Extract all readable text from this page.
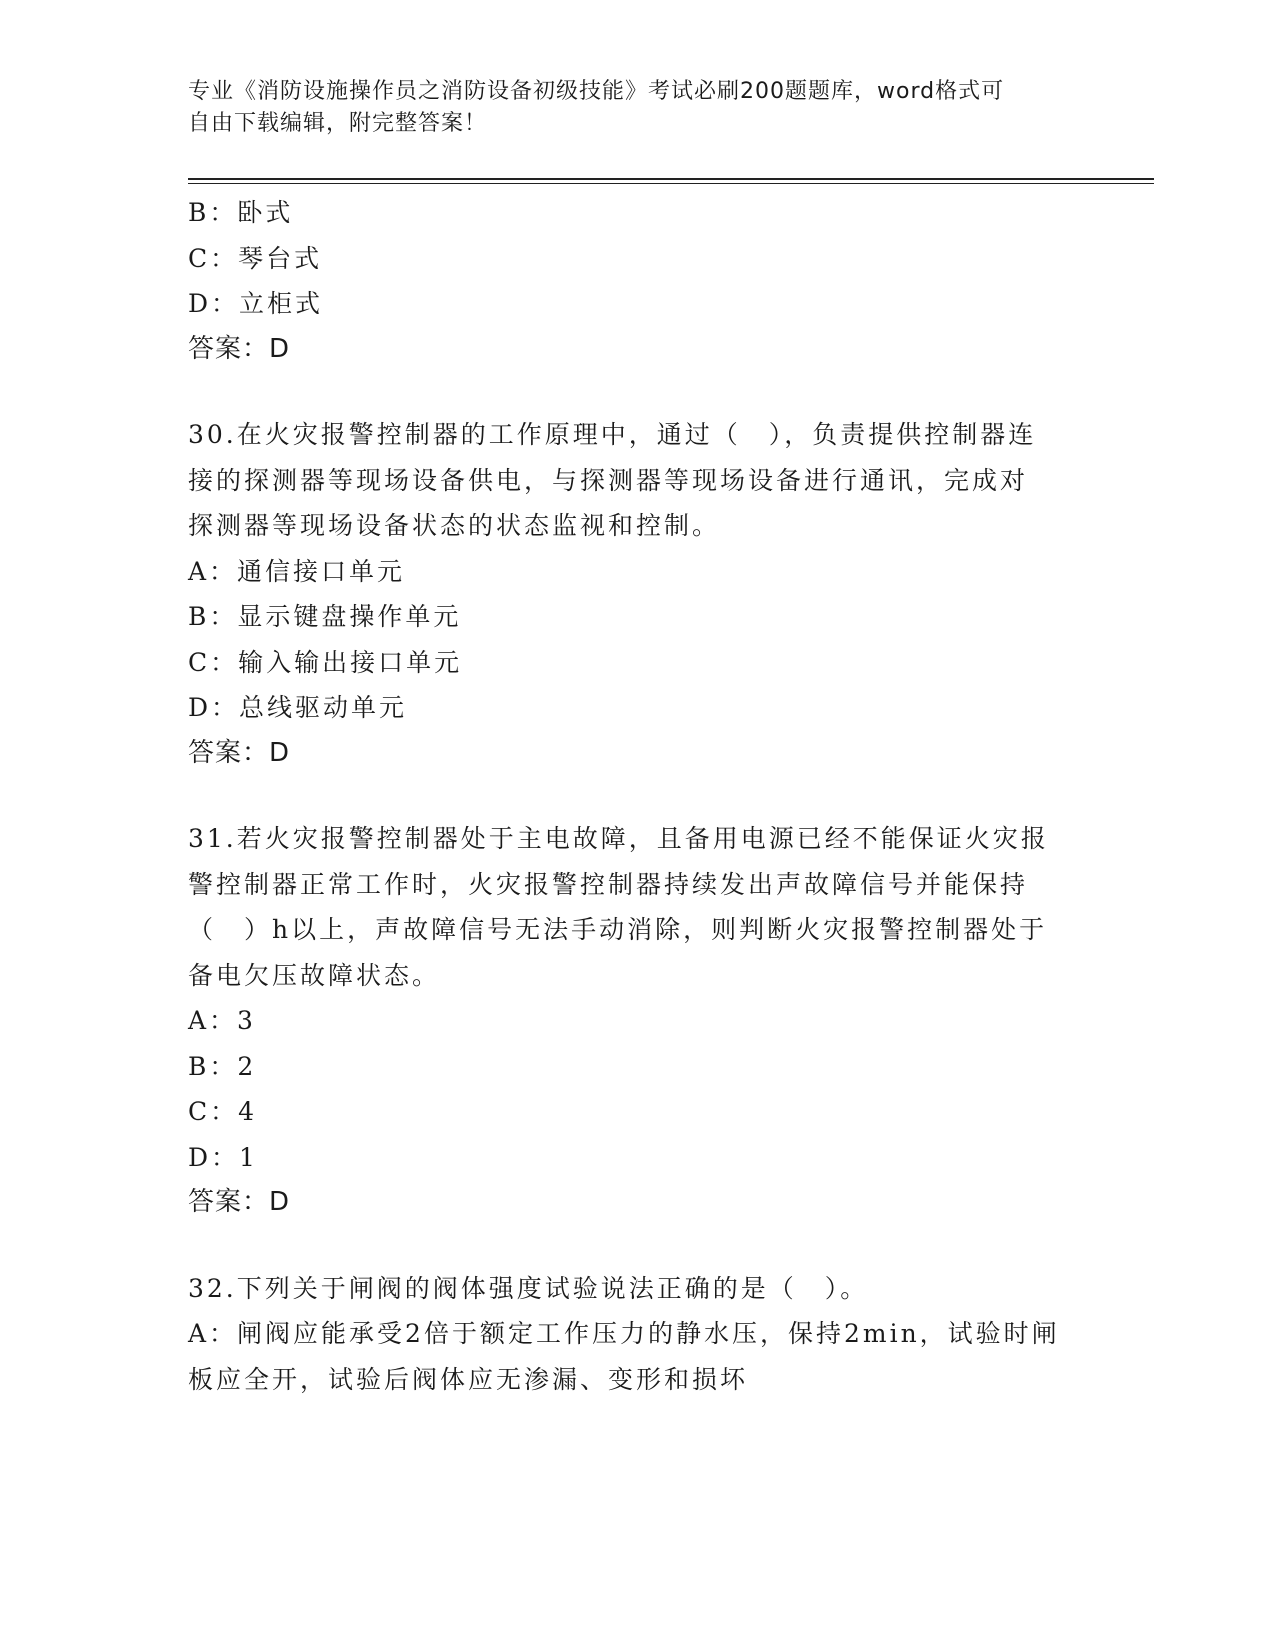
专业《消防设施操作员之消防设备初级技能》考试必刷200题题库，word格式可
自由下载编辑，附完整答案！
B：卧式
C：琴台式
D：立柜式
答案：D
30.在火灾报警控制器的工作原理中，通过（　），负责提供控制器连
接的探测器等现场设备供电，与探测器等现场设备进行通讯，完成对
探测器等现场设备状态的状态监视和控制。
A：通信接口单元
B：显示键盘操作单元
C：输入输出接口单元
D：总线驱动单元
答案：D
31.若火灾报警控制器处于主电故障，且备用电源已经不能保证火灾报
警控制器正常工作时，火灾报警控制器持续发出声故障信号并能保持
（　）h以上，声故障信号无法手动消除，则判断火灾报警控制器处于
备电欠压故障状态。
A：3
B：2
C：4
D：1
答案：D
32.下列关于闸阀的阀体强度试验说法正确的是（　）。
A：闸阀应能承受2倍于额定工作压力的静水压，保持2min，试验时闸
板应全开，试验后阀体应无渗漏、变形和损坏
